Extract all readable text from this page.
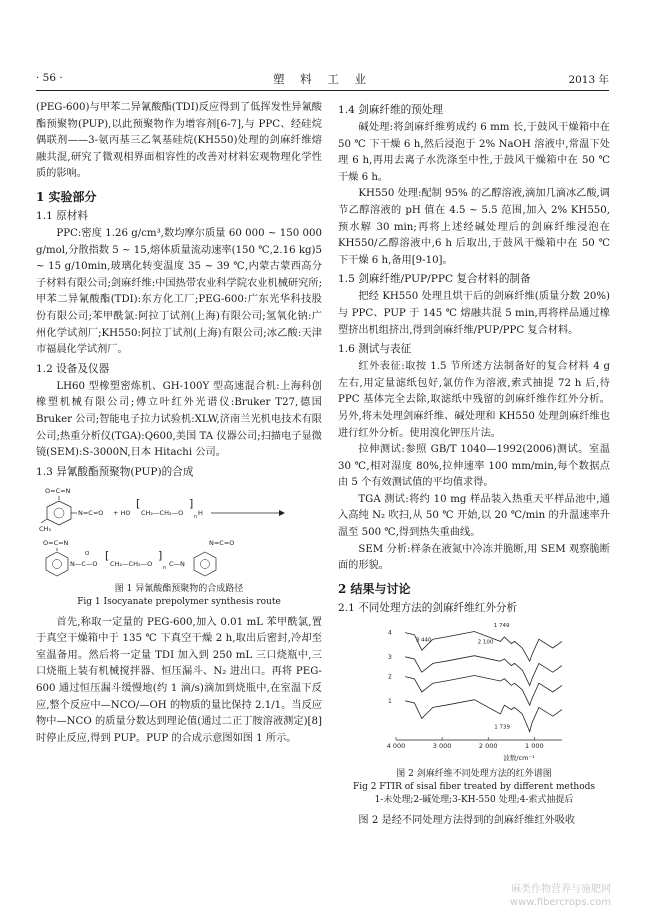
· 56 ·	塑 料 工 业	2013 年

(PEG-600)与甲苯二异氰酸酯(TDI)反应得到了低挥发性异氰酸酯预聚物(PUP),以此预聚物作为增容剂[6-7],与 PPC、经硅烷偶联剂——3-氨丙基三乙氧基硅烷(KH550)处理的剑麻纤维熔融共混,研究了微观相界面相容性的改善对材料宏观物理化学性质的影响。

1 实验部分
1.1 原材料

PPC:密度 1.26 g/cm³,数均摩尔质量 60 000 ~ 150 000 g/mol,分散指数 5 ~ 15,熔体质量流动速率(150 ℃,2.16 kg)5 ~ 15 g/10min,玻璃化转变温度 35 ~ 39 ℃,内蒙古蒙西高分子材料有限公司;剑麻纤维:中国热带农业科学院农业机械研究所;甲苯二异氰酸酯(TDI):东方化工厂;PEG-600:广东光华科技股份有限公司;苯甲酰氯:阿拉丁试剂(上海)有限公司;氢氧化钠:广州化学试剂厂;KH550:阿拉丁试剂(上海)有限公司;冰乙酸:天津市福晨化学试剂厂。

1.2 设备及仪器

LH60 型橡塑密炼机、GH-100Y 型高速混合机:上海科创橡塑机械有限公司;傅立叶红外光谱仪:Bruker T27,德国 Bruker 公司;智能电子拉力试验机:XLW,济南兰光机电技术有限公司;热重分析仪(TGA):Q600,美国 TA 仪器公司;扫描电子显微镜(SEM):S-3000N,日本 Hitachi 公司。

1.3 异氰酸酯预聚物(PUP)的合成
O=C=N
CH₃
N=C=O + HO
[
CH₂—CH₂—O
]
n H
O=C=N
N—C—O
O [
CH₂—CH₂—O
]
n C—N
N=C=O
图 1 异氰酸酯预聚物的合成路径
Fig 1 Isocyanate prepolymer synthesis route

首先,称取一定量的 PEG-600,加入 0.01 mL 苯甲酰氯,置于真空干燥箱中于 135 ℃ 下真空干燥 2 h,取出后密封,冷却至室温备用。然后将一定量 TDI 加入到 250 mL 三口烧瓶中,三口烧瓶上装有机械搅拌器、恒压漏斗、N₂ 进出口。再将 PEG-600 通过恒压漏斗缓慢地(约 1 滴/s)滴加到烧瓶中,在室温下反应,整个反应中—NCO/—OH 的物质的量比保持 2.1/1。当反应物中—NCO 的质量分数达到理论值(通过二正丁胺溶液测定)[8] 时停止反应,得到 PUP。PUP 的合成示意图如图 1 所示。

1.4 剑麻纤维的预处理

碱处理:将剑麻纤维剪成约 6 mm 长,于鼓风干燥箱中在 50 ℃ 下干燥 6 h,然后浸泡于 2% NaOH 溶液中,常温下处理 6 h,再用去离子水洗涤至中性,于鼓风干燥箱中在 50 ℃ 干燥 6 h。

KH550 处理:配制 95% 的乙醇溶液,滴加几滴冰乙酸,调节乙醇溶液的 pH 值在 4.5 ~ 5.5 范围,加入 2% KH550,预水解 30 min;再将上述经碱处理后的剑麻纤维浸泡在 KH550/乙醇溶液中,6 h 后取出,于鼓风干燥箱中在 50 ℃ 下干燥 6 h,备用[9-10]。

1.5 剑麻纤维/PUP/PPC 复合材料的制备

把经 KH550 处理且烘干后的剑麻纤维(质量分数 20%)与 PPC、PUP 于 145 ℃ 熔融共混 5 min,再将样品通过橡塑挤出机组挤出,得到剑麻纤维/PUP/PPC 复合材料。

1.6 测试与表征

红外表征:取按 1.5 节所述方法制备好的复合材料 4 g 左右,用定量滤纸包好,氯仿作为溶液,索式抽提 72 h 后,待 PPC 基体完全去除,取滤纸中残留的剑麻纤维作红外分析。另外,将未处理剑麻纤维、碱处理和 KH550 处理剑麻纤维也进行红外分析。使用溴化钾压片法。

拉伸测试:参照 GB/T 1040—1992(2006)测试。室温 30 ℃,相对湿度 80%,拉伸速率 100 mm/min,每个数据点由 5 个有效测试值的平均值求得。

TGA 测试:将约 10 mg 样品装入热重天平样品池中,通入高纯 N₂ 吹扫,从 50 ℃ 开始,以 20 ℃/min 的升温速率升温至 500 ℃,得到热失重曲线。

SEM 分析:样条在液氮中冷冻并脆断,用 SEM 观察脆断面的形貌。

2 结果与讨论
2.1 不同处理方法的剑麻纤维红外分析
4
3
2
1
1 749
3 440	2 100
1 739
4 000	3 000	2 000	1 000
波数/cm⁻¹
图 2 剑麻纤维不同处理方法的红外谱图
Fig 2 FTIR of sisal fiber treated by different methods
1-未处理;2-碱处理;3-KH-550 处理;4-索式抽提后

图 2 是经不同处理方法得到的剑麻纤维红外吸收

麻类作物营养与施肥网
www.fibercrops.com
